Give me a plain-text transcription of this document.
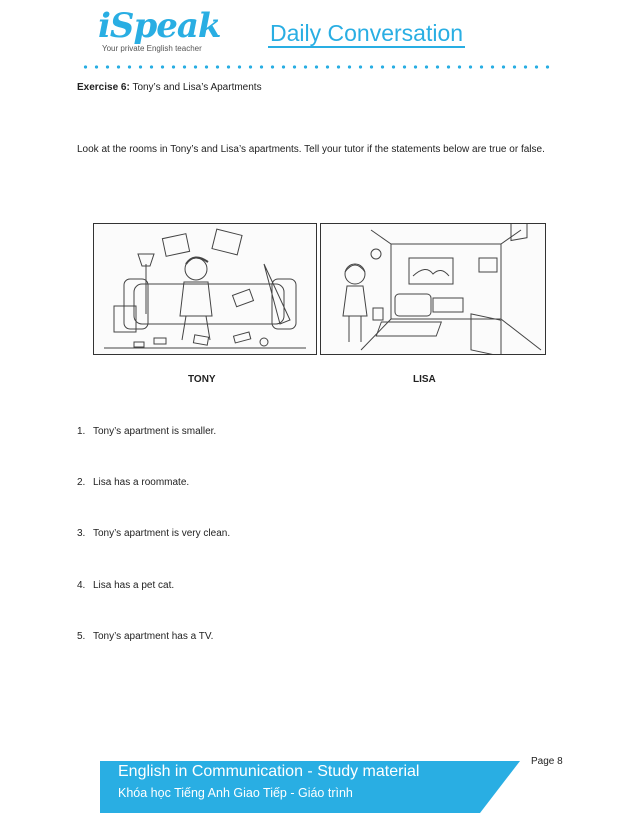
iSpeak
Your private English teacher
Daily Conversation
Exercise 6: Tony’s and Lisa’s Apartments
Look at the rooms in Tony’s and Lisa’s apartments. Tell your tutor if the statements below are true or false.
TONY	LISA
1. Tony’s apartment is smaller.
2. Lisa has a roommate.
3. Tony’s apartment is very clean.
4. Lisa has a pet cat.
5. Tony’s apartment has a TV.
English in Communication - Study material
Khóa học Tiếng Anh Giao Tiếp - Giáo trình
Page 8
